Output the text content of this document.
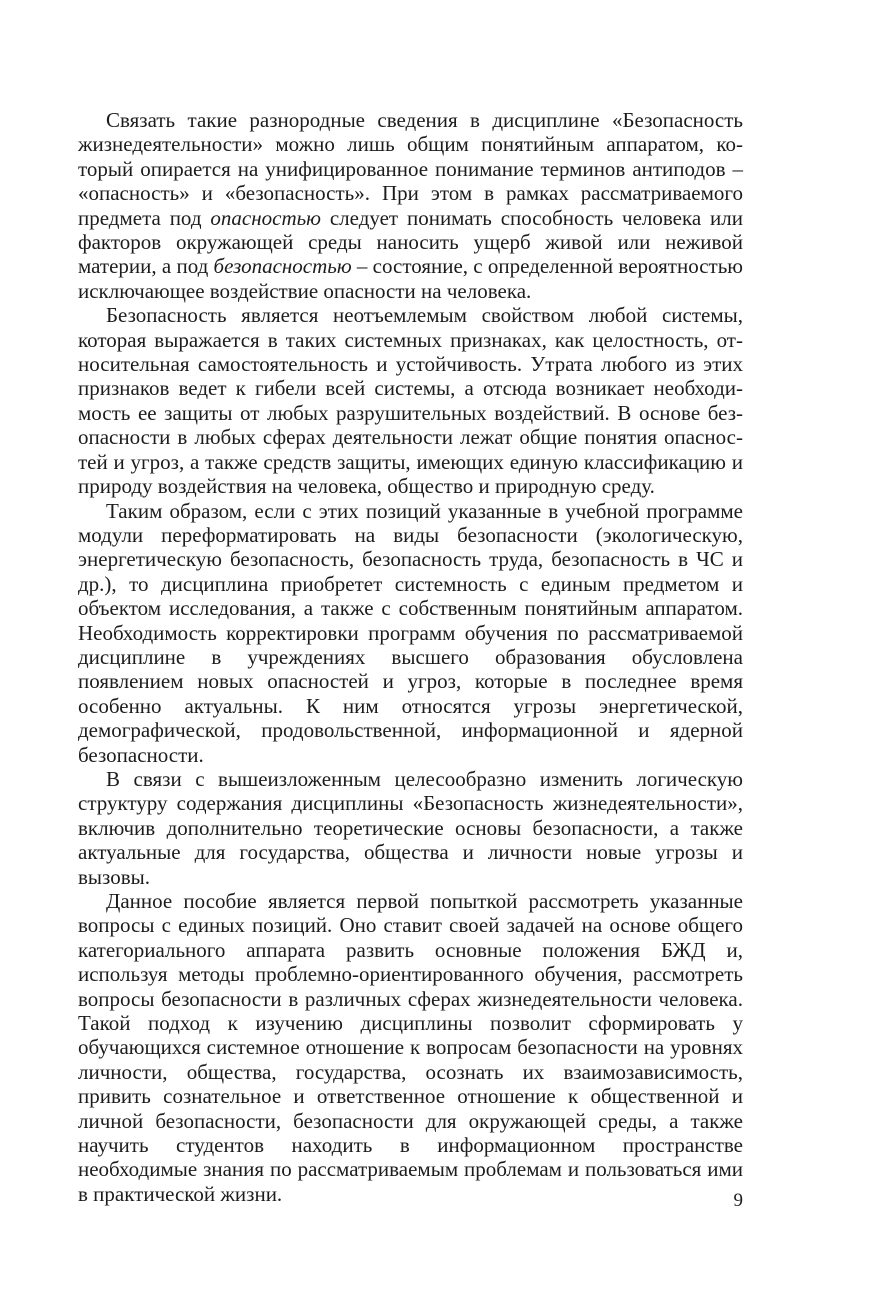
Связать такие разнородные сведения в дисциплине «Безопасность жизнедеятельности» можно лишь общим понятийным аппаратом, который опирается на унифицированное понимание терминов антиподов – «опасность» и «безопасность». При этом в рамках рассматриваемого предмета под опасностью следует понимать способность человека или факторов окружающей среды наносить ущерб живой или неживой материи, а под безопасностью – состояние, с определенной вероятностью исключающее воздействие опасности на человека.

Безопасность является неотъемлемым свойством любой системы, которая выражается в таких системных признаках, как целостность, относительная самостоятельность и устойчивость. Утрата любого из этих признаков ведет к гибели всей системы, а отсюда возникает необходимость ее защиты от любых разрушительных воздействий. В основе безопасности в любых сферах деятельности лежат общие понятия опасностей и угроз, а также средств защиты, имеющих единую классификацию и природу воздействия на человека, общество и природную среду.

Таким образом, если с этих позиций указанные в учебной программе модули переформатировать на виды безопасности (экологическую, энергетическую безопасность, безопасность труда, безопасность в ЧС и др.), то дисциплина приобретет системность с единым предметом и объектом исследования, а также с собственным понятийным аппаратом. Необходимость корректировки программ обучения по рассматриваемой дисциплине в учреждениях высшего образования обусловлена появлением новых опасностей и угроз, которые в последнее время особенно актуальны. К ним относятся угрозы энергетической, демографической, продовольственной, информационной и ядерной безопасности.

В связи с вышеизложенным целесообразно изменить логическую структуру содержания дисциплины «Безопасность жизнедеятельности», включив дополнительно теоретические основы безопасности, а также актуальные для государства, общества и личности новые угрозы и вызовы.

Данное пособие является первой попыткой рассмотреть указанные вопросы с единых позиций. Оно ставит своей задачей на основе общего категориального аппарата развить основные положения БЖД и, используя методы проблемно-ориентированного обучения, рассмотреть вопросы безопасности в различных сферах жизнедеятельности человека. Такой подход к изучению дисциплины позволит сформировать у обучающихся системное отношение к вопросам безопасности на уровнях личности, общества, государства, осознать их взаимозависимость, привить сознательное и ответственное отношение к общественной и личной безопасности, безопасности для окружающей среды, а также научить студентов находить в информационном пространстве необходимые знания по рассматриваемым проблемам и пользоваться ими в практической жизни.	9
